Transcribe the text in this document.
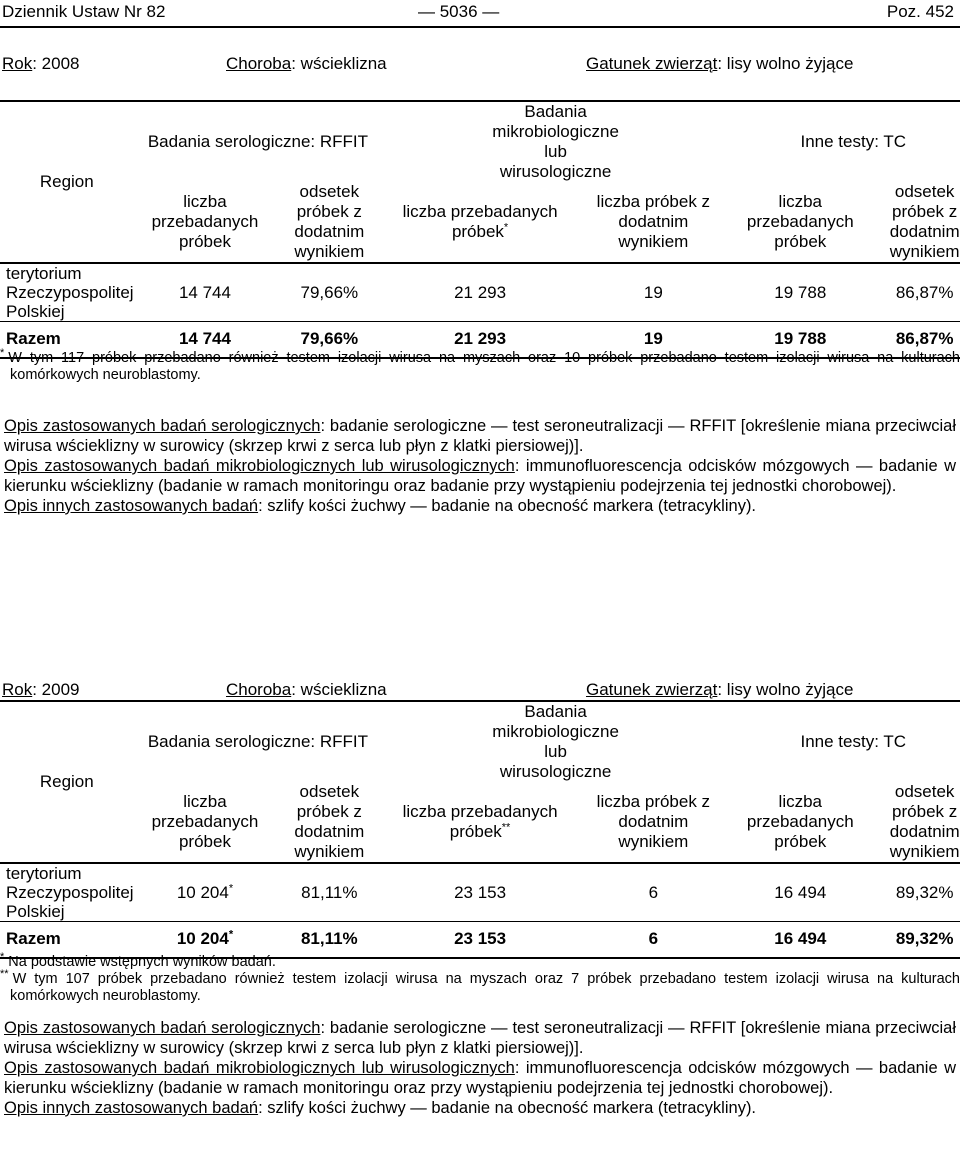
Dziennik Ustaw Nr 82	— 5036 —	Poz. 452
Rok: 2008	Choroba: wścieklizna	Gatunek zwierząt: lisy wolno żyjące
Region	Badania serologiczne: RFFIT		Badania mikrobiologiczne lub wirusologiczne		Inne testy: TC	
	liczba przebadanych próbek	odsetek próbek z dodatnim wynikiem	liczba przebadanych próbek*	liczba próbek z dodatnim wynikiem	liczba przebadanych próbek	odsetek próbek z dodatnim wynikiem
terytorium Rzeczypospolitej Polskiej	14 744	79,66%	21 293	19	19 788	86,87%
Razem	14 744	79,66%	21 293	19	19 788	86,87%

* W tym 117 próbek przebadano również testem izolacji wirusa na myszach oraz 10 próbek przebadano testem izolacji wirusa na kulturach komórkowych neuroblastomy.

Opis zastosowanych badań serologicznych: badanie serologiczne — test seroneutralizacji — RFFIT [określenie miana przeciwciał wirusa wścieklizny w surowicy (skrzep krwi z serca lub płyn z klatki piersiowej)].

Opis zastosowanych badań mikrobiologicznych lub wirusologicznych: immunofluorescencja odcisków mózgowych — badanie w kierunku wścieklizny (badanie w ramach monitoringu oraz badanie przy wystąpieniu podejrzenia tej jednostki chorobowej).

Opis innych zastosowanych badań: szlify kości żuchwy — badanie na obecność markera (tetracykliny).

Rok: 2009	Choroba: wścieklizna	Gatunek zwierząt: lisy wolno żyjące
Region	Badania serologiczne: RFFIT		Badania mikrobiologiczne lub wirusologiczne		Inne testy: TC	
	liczba przebadanych próbek	odsetek próbek z dodatnim wynikiem	liczba przebadanych próbek**	liczba próbek z dodatnim wynikiem	liczba przebadanych próbek	odsetek próbek z dodatnim wynikiem
terytorium Rzeczypospolitej Polskiej	10 204*	81,11%	23 153	6	16 494	89,32%
Razem	10 204*	81,11%	23 153	6	16 494	89,32%

* Na podstawie wstępnych wyników badań.

** W tym 107 próbek przebadano również testem izolacji wirusa na myszach oraz 7 próbek przebadano testem izolacji wirusa na kulturach komórkowych neuroblastomy.

Opis zastosowanych badań serologicznych: badanie serologiczne — test seroneutralizacji — RFFIT [określenie miana przeciwciał wirusa wścieklizny w surowicy (skrzep krwi z serca lub płyn z klatki piersiowej)].

Opis zastosowanych badań mikrobiologicznych lub wirusologicznych: immunofluorescencja odcisków mózgowych — badanie w kierunku wścieklizny (badanie w ramach monitoringu oraz przy wystąpieniu podejrzenia tej jednostki chorobowej).

Opis innych zastosowanych badań: szlify kości żuchwy — badanie na obecność markera (tetracykliny).
